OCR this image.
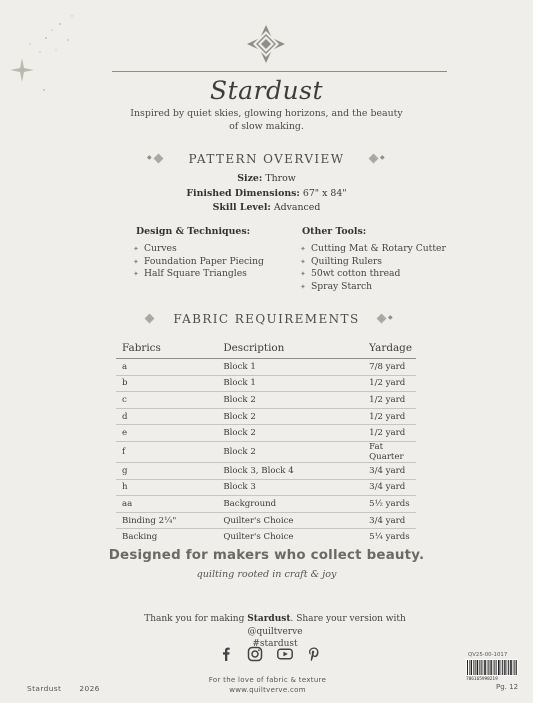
Stardust
Inspired by quiet skies, glowing horizons, and the beauty of slow making.
◆	PATTERN OVERVIEW	◆
Size: Throw
Finished Dimensions: 67" x 84"
Skill Level: Advanced
Design & Techniques:
✦ Curves
✦ Foundation Paper Piecing
✦ Half Square Triangles
Other Tools:
✦ Cutting Mat & Rotary Cutter
✦ Quilting Rulers
✦ 50wt cotton thread
✦ Spray Starch
FABRIC REQUIREMENTS	◆
Fabrics	Description	Yardage
a	Block 1	7/8 yard
b	Block 1	1/2 yard
c	Block 2	1/2 yard
d	Block 2	1/2 yard
e	Block 2	1/2 yard
f	Block 2	Fat Quarter
g	Block 3, Block 4	3/4 yard
h	Block 3	3/4 yard
aa	Background	5½ yards
Binding 2¼"	Quilter's Choice	3/4 yard
Backing	Quilter's Choice	5¼ yards
Designed for makers who collect beauty.
quilting rooted in craft & joy
Thank you for making Stardust. Share your version with @quiltverve
#stardust
For the love of fabric & texture
www.quiltverve.com
Stardust 2026
QV25-00-1017
786165998219
Pg. 12
